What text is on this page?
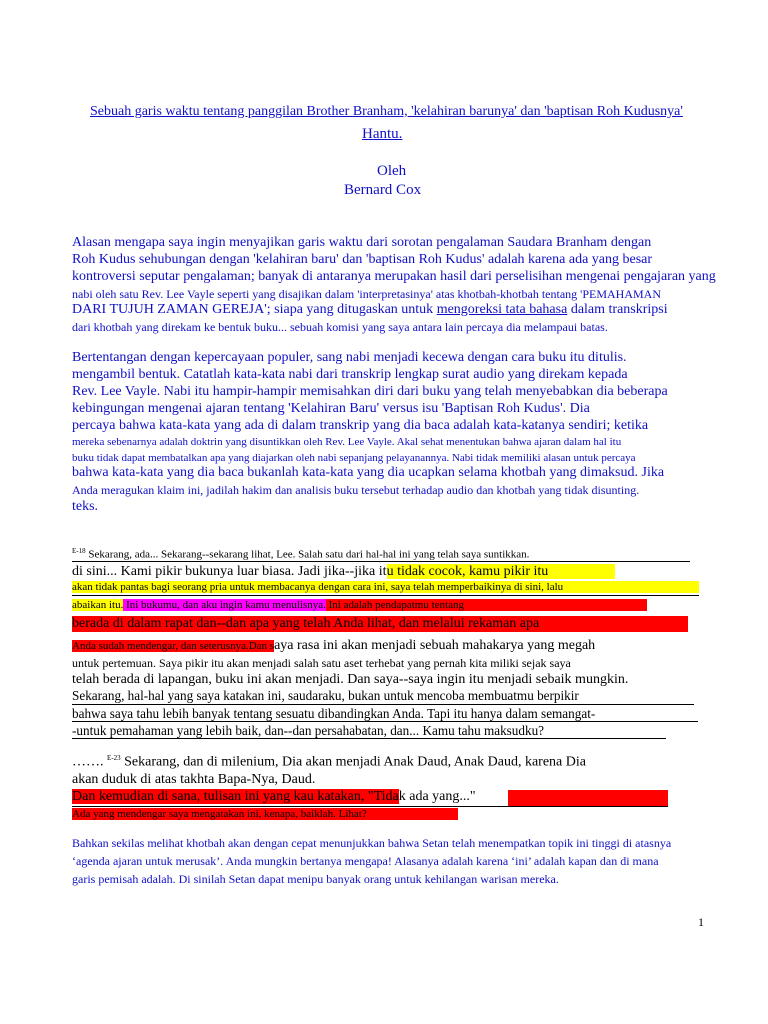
Sebuah garis waktu tentang panggilan Brother Branham, 'kelahiran barunya' dan 'baptisan Roh Kudusnya'
Hantu.
Oleh
Bernard Cox
Alasan mengapa saya ingin menyajikan garis waktu dari sorotan pengalaman Saudara Branham dengan
Roh Kudus sehubungan dengan 'kelahiran baru' dan 'baptisan Roh Kudus' adalah karena ada yang besar
kontroversi seputar pengalaman; banyak di antaranya merupakan hasil dari perselisihan mengenai pengajaran yang
nabi oleh satu Rev. Lee Vayle seperti yang disajikan dalam 'interpretasinya' atas khotbah-khotbah tentang 'PEMAHAMAN
DARI TUJUH ZAMAN GEREJA'; siapa yang ditugaskan untuk mengoreksi tata bahasa dalam transkripsi
dari khotbah yang direkam ke bentuk buku... sebuah komisi yang saya antara lain percaya dia melampaui batas.
Bertentangan dengan kepercayaan populer, sang nabi menjadi kecewa dengan cara buku itu ditulis.
mengambil bentuk. Catatlah kata-kata nabi dari transkrip lengkap surat audio yang direkam kepada
Rev. Lee Vayle. Nabi itu hampir-hampir memisahkan diri dari buku yang telah menyebabkan dia beberapa
kebingungan mengenai ajaran tentang 'Kelahiran Baru' versus isu 'Baptisan Roh Kudus'. Dia
percaya bahwa kata-kata yang ada di dalam transkrip yang dia baca adalah kata-katanya sendiri; ketika
mereka sebenarnya adalah doktrin yang disuntikkan oleh Rev. Lee Vayle. Akal sehat menentukan bahwa ajaran dalam hal itu
buku tidak dapat membatalkan apa yang diajarkan oleh nabi sepanjang pelayanannya. Nabi tidak memiliki alasan untuk percaya
bahwa kata-kata yang dia baca bukanlah kata-kata yang dia ucapkan selama khotbah yang dimaksud. Jika
Anda meragukan klaim ini, jadilah hakim dan analisis buku tersebut terhadap audio dan khotbah yang tidak disunting.
teks.
$^{E-18}$ Sekarang, ada... Sekarang--sekarang lihat, Lee. Salah satu dari hal-hal ini yang telah saya suntikkan.
di sini... Kami pikir bukunya luar biasa. Jadi jika--jika itu tidak cocok, kamu pikir itu
akan tidak pantas bagi seorang pria untuk membacanya dengan cara ini, saya telah memperbaikinya di sini, lalu
abaikan itu. Ini bukumu, dan aku ingin kamu menulisnya. Ini adalah pendapatmu tentang
berada di dalam rapat dan--dan apa yang telah Anda lihat, dan melalui rekaman apa
Anda sudah mendengar, dan seterusnya.Dan saya rasa ini akan menjadi sebuah mahakarya yang megah
untuk pertemuan. Saya pikir itu akan menjadi salah satu aset terhebat yang pernah kita miliki sejak saya
telah berada di lapangan, buku ini akan menjadi. Dan saya--saya ingin itu menjadi sebaik mungkin.
Sekarang, hal-hal yang saya katakan ini, saudaraku, bukan untuk mencoba membuatmu berpikir
bahwa saya tahu lebih banyak tentang sesuatu dibandingkan Anda. Tapi itu hanya dalam semangat-
-untuk pemahaman yang lebih baik, dan--dan persahabatan, dan... Kamu tahu maksudku?
……. $^{E-23}$ Sekarang, dan di milenium, Dia akan menjadi Anak Daud, Anak Daud, karena Dia
akan duduk di atas takhta Bapa-Nya, Daud.
Dan kemudian di sana, tulisan ini yang kau katakan, "Tidak ada yang..."
Ada yang mendengar saya mengatakan ini, kenapa, baiklah. Lihat?
Bahkan sekilas melihat khotbah akan dengan cepat menunjukkan bahwa Setan telah menempatkan topik ini tinggi di atasnya
‘agenda ajaran untuk merusak’. Anda mungkin bertanya mengapa! Alasanya adalah karena ‘ini’ adalah kapan dan di mana
garis pemisah adalah. Di sinilah Setan dapat menipu banyak orang untuk kehilangan warisan mereka.
1
